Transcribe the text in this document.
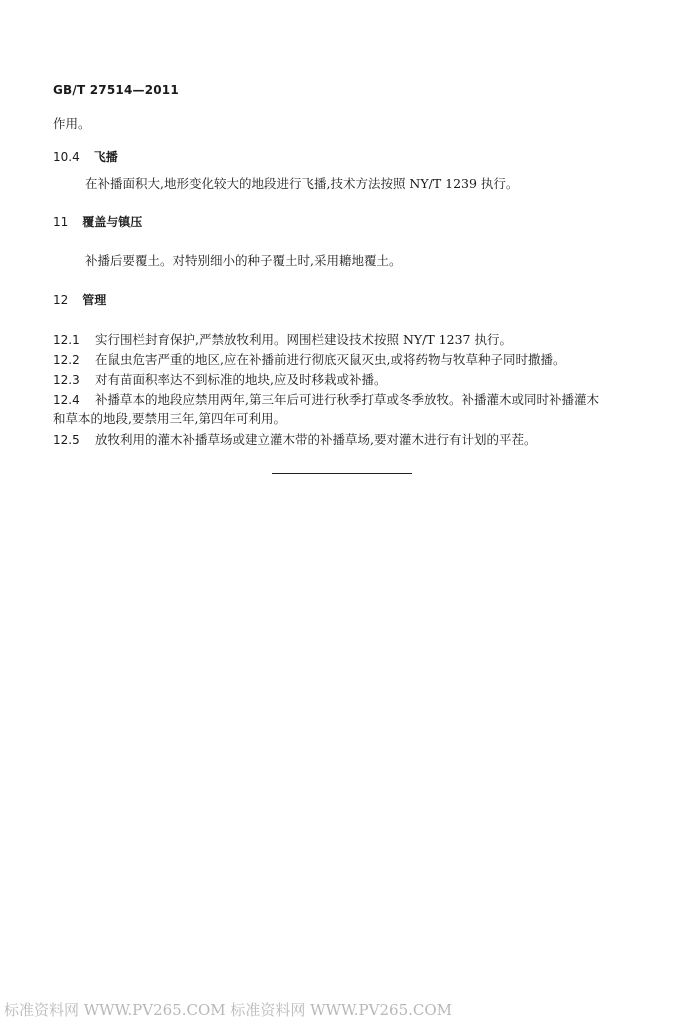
GB/T 27514—2011
作用。
10.4 飞播
在补播面积大,地形变化较大的地段进行飞播,技术方法按照 NY/T 1239 执行。
11 覆盖与镇压
补播后要覆土。对特别细小的种子覆土时,采用耱地覆土。
12 管理
12.1 实行围栏封育保护,严禁放牧利用。网围栏建设技术按照 NY/T 1237 执行。
12.2 在鼠虫危害严重的地区,应在补播前进行彻底灭鼠灭虫,或将药物与牧草种子同时撒播。
12.3 对有苗面积率达不到标准的地块,应及时移栽或补播。
12.4 补播草本的地段应禁用两年,第三年后可进行秋季打草或冬季放牧。补播灌木或同时补播灌木
和草本的地段,要禁用三年,第四年可利用。
12.5 放牧利用的灌木补播草场或建立灌木带的补播草场,要对灌木进行有计划的平茬。
标准资料网 WWW.PV265.COM 标准资料网 WWW.PV265.COM
